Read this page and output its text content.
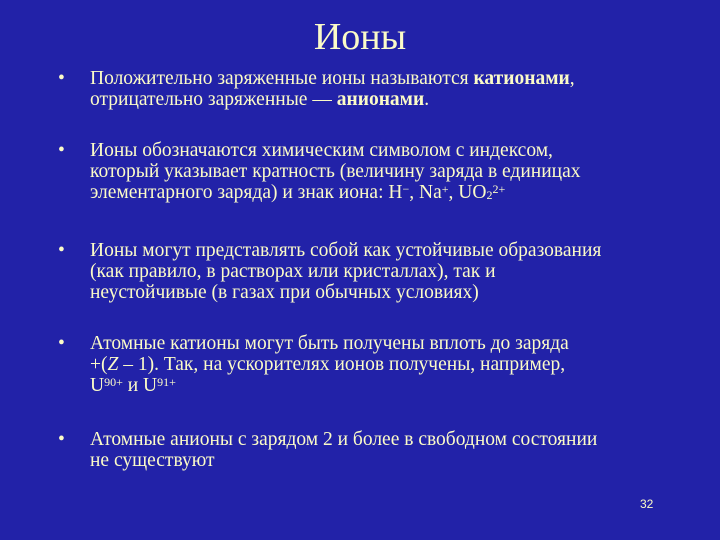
Ионы
• Положительно заряженные ионы называются катионами,
отрицательно заряженные — анионами.
• Ионы обозначаются химическим символом с индексом,
который указывает кратность (величину заряда в единицах
элементарного заряда) и знак иона: H−, Na+, $UO_2^{2+}$
• Ионы могут представлять собой как устойчивые образования
(как правило, в растворах или кристаллах), так и
неустойчивые (в газах при обычных условиях)
• Атомные катионы могут быть получены вплоть до заряда
+(Z – 1). Так, на ускорителях ионов получены, например,
$U^{90+}$ и $U^{91+}$
• Атомные анионы с зарядом 2 и более в свободном состоянии
не существуют
32
